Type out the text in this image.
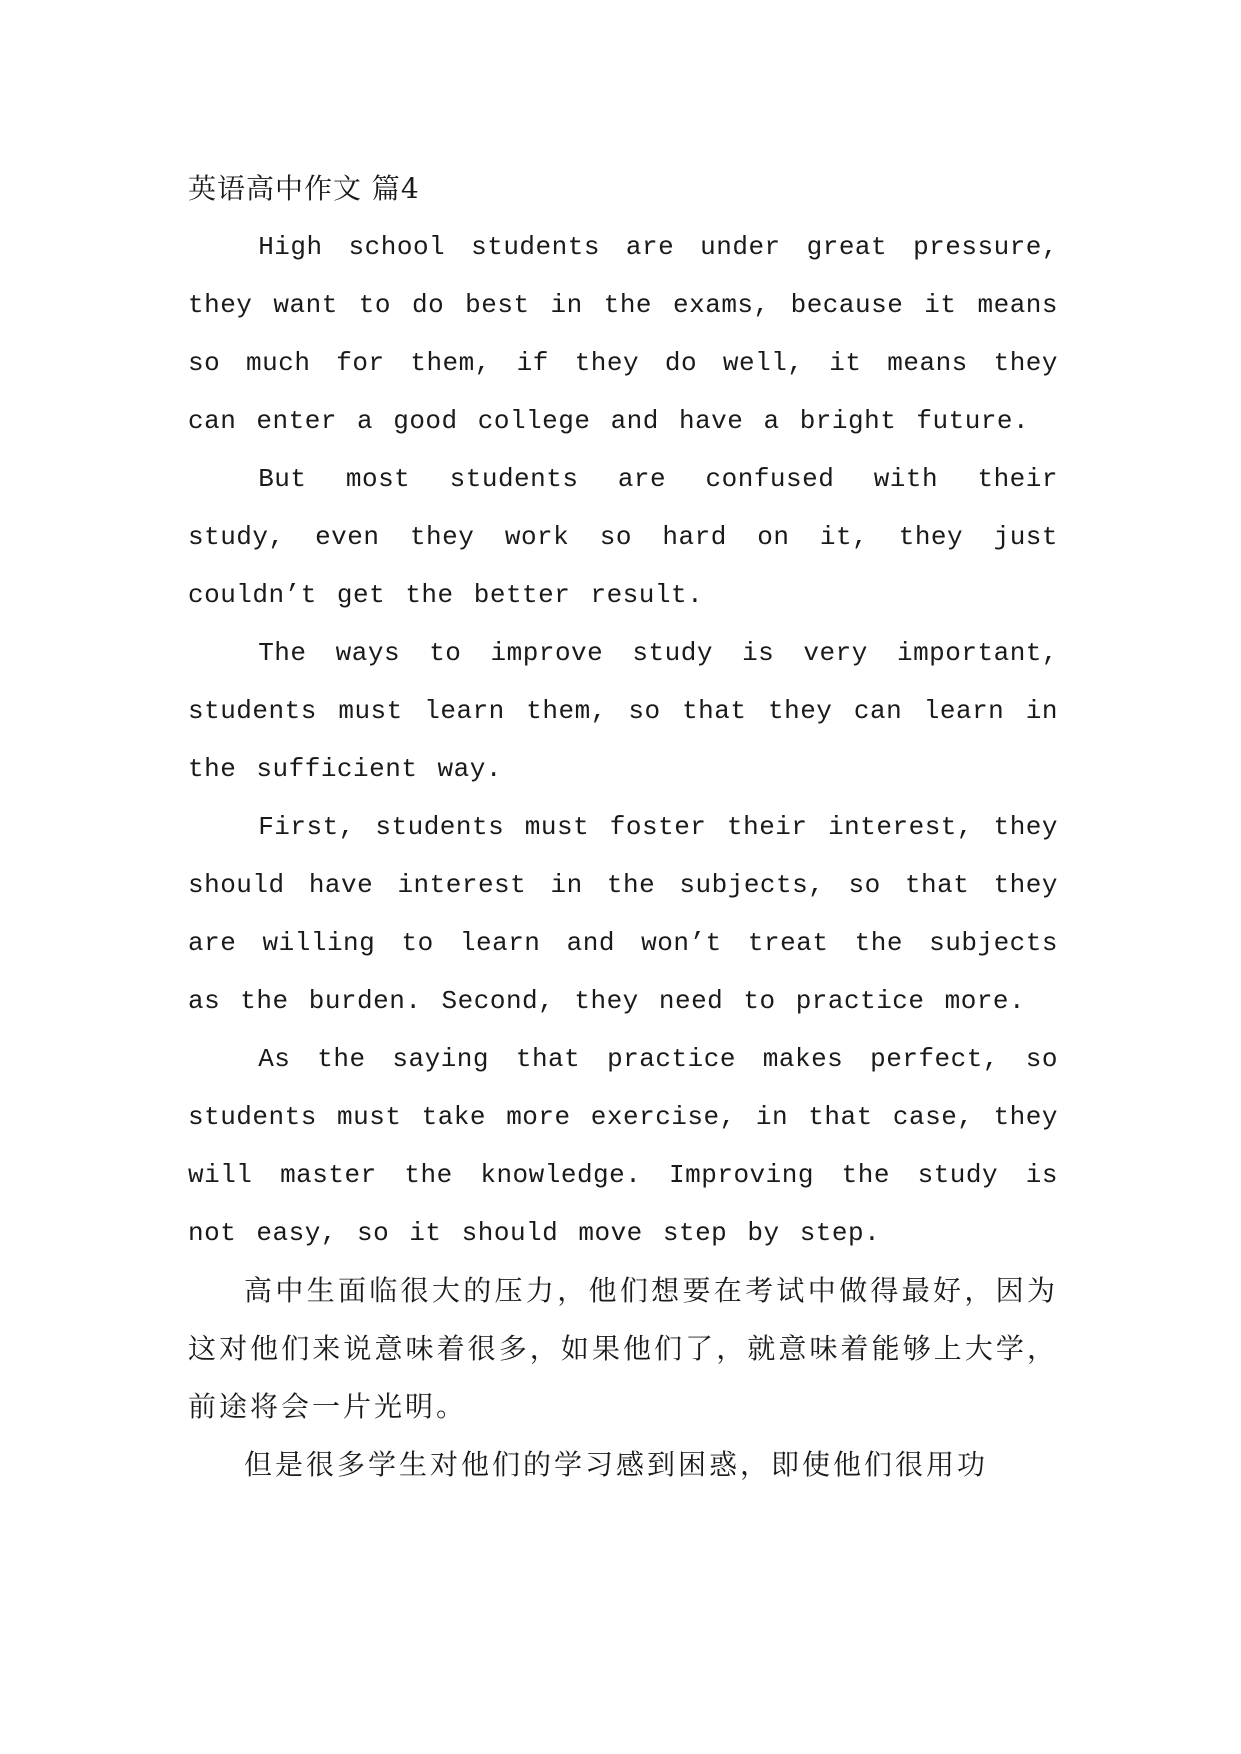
英语高中作文 篇4

High school students are under great pressure, they want to do best in the exams, because it means so much for them, if they do well, it means they can enter a good college and have a bright future.

But most students are confused with their study, even they work so hard on it, they just couldn’t get the better result.

The ways to improve study is very important, students must learn them, so that they can learn in the sufficient way.

First, students must foster their interest, they should have interest in the subjects, so that they are willing to learn and won’t treat the subjects as the burden. Second, they need to practice more.

As the saying that practice makes perfect, so students must take more exercise, in that case, they will master the knowledge. Improving the study is not easy, so it should move step by step.

高中生面临很大的压力，他们想要在考试中做得最好，因为这对他们来说意味着很多，如果他们了，就意味着能够上大学，前途将会一片光明。

但是很多学生对他们的学习感到困惑，即使他们很用功
